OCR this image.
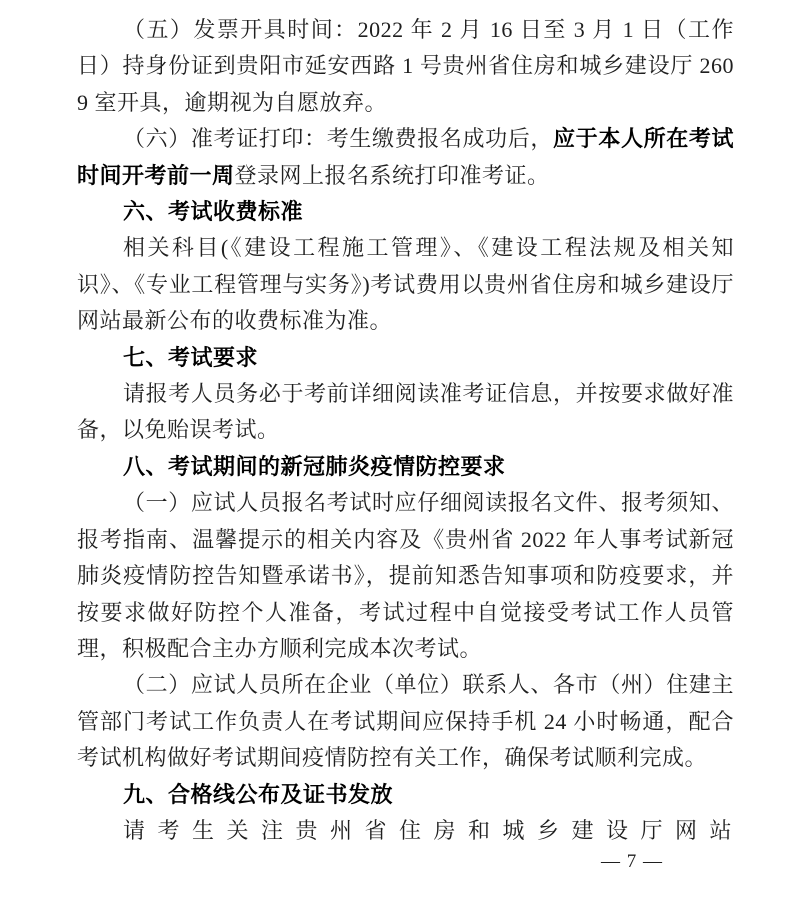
（五）发票开具时间：2022 年 2 月 16 日至 3 月 1 日（工作日）持身份证到贵阳市延安西路 1 号贵州省住房和城乡建设厅 2609 室开具，逾期视为自愿放弃。
（六）准考证打印：考生缴费报名成功后，应于本人所在考试时间开考前一周登录网上报名系统打印准考证。
六、考试收费标准
相关科目(《建设工程施工管理》、《建设工程法规及相关知识》、《专业工程管理与实务》)考试费用以贵州省住房和城乡建设厅网站最新公布的收费标准为准。
七、考试要求
请报考人员务必于考前详细阅读准考证信息，并按要求做好准备，以免贻误考试。
八、考试期间的新冠肺炎疫情防控要求
（一）应试人员报名考试时应仔细阅读报名文件、报考须知、报考指南、温馨提示的相关内容及《贵州省 2022 年人事考试新冠肺炎疫情防控告知暨承诺书》，提前知悉告知事项和防疫要求，并按要求做好防控个人准备，考试过程中自觉接受考试工作人员管理，积极配合主办方顺利完成本次考试。
（二）应试人员所在企业（单位）联系人、各市（州）住建主管部门考试工作负责人在考试期间应保持手机 24 小时畅通，配合考试机构做好考试期间疫情防控有关工作，确保考试顺利完成。
九、合格线公布及证书发放
请考生关注贵州省住房和城乡建设厅网站
— 7 —
